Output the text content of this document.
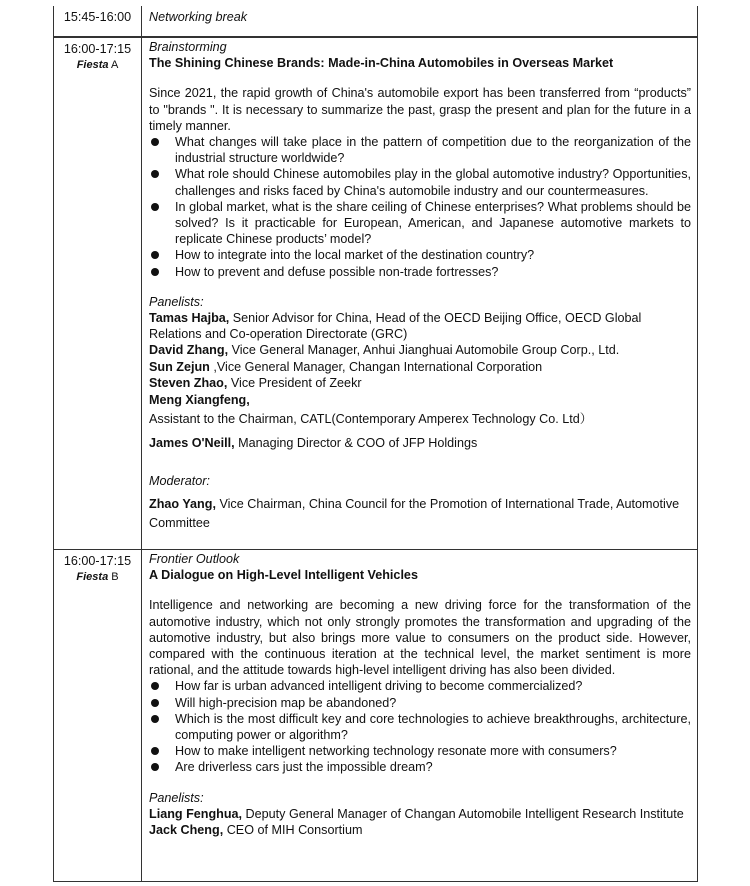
15:45-16:00	Networking break
16:00-17:15
Fiesta A
Brainstorming
The Shining Chinese Brands: Made-in-China Automobiles in Overseas Market

Since 2021, the rapid growth of China's automobile export has been transferred from “products” to "brands ". It is necessary to summarize the past, grasp the present and plan for the future in a timely manner.

What changes will take place in the pattern of competition due to the reorganization of the industrial structure worldwide?
What role should Chinese automobiles play in the global automotive industry? Opportunities, challenges and risks faced by China's automobile industry and our countermeasures.
In global market, what is the share ceiling of Chinese enterprises? What problems should be solved? Is it practicable for European, American, and Japanese automotive markets to replicate Chinese products’ model?
How to integrate into the local market of the destination country?
How to prevent and defuse possible non-trade fortresses?
Panelists:
Tamas Hajba, Senior Advisor for China, Head of the OECD Beijing Office, OECD Global Relations and Co-operation Directorate (GRC)
David Zhang, Vice General Manager, Anhui Jianghuai Automobile Group Corp., Ltd.
Sun Zejun ,Vice General Manager, Changan International Corporation
Steven Zhao, Vice President of Zeekr
Meng Xiangfeng, Assistant to the Chairman, CATL(Contemporary Amperex Technology Co. Ltd）
James O'Neill, Managing Director & COO of JFP Holdings
Moderator:
Zhao Yang, Vice Chairman, China Council for the Promotion of International Trade, Automotive Committee
16:00-17:15
Fiesta B
Frontier Outlook
A Dialogue on High-Level Intelligent Vehicles

Intelligence and networking are becoming a new driving force for the transformation of the automotive industry, which not only strongly promotes the transformation and upgrading of the automotive industry, but also brings more value to consumers on the product side. However, compared with the continuous iteration at the technical level, the market sentiment is more rational, and the attitude towards high-level intelligent driving has also been divided.

How far is urban advanced intelligent driving to become commercialized?
Will high-precision map be abandoned?
Which is the most difficult key and core technologies to achieve breakthroughs, architecture, computing power or algorithm?
How to make intelligent networking technology resonate more with consumers?
Are driverless cars just the impossible dream?
Panelists:
Liang Fenghua, Deputy General Manager of Changan Automobile Intelligent Research Institute
Jack Cheng, CEO of MIH Consortium
